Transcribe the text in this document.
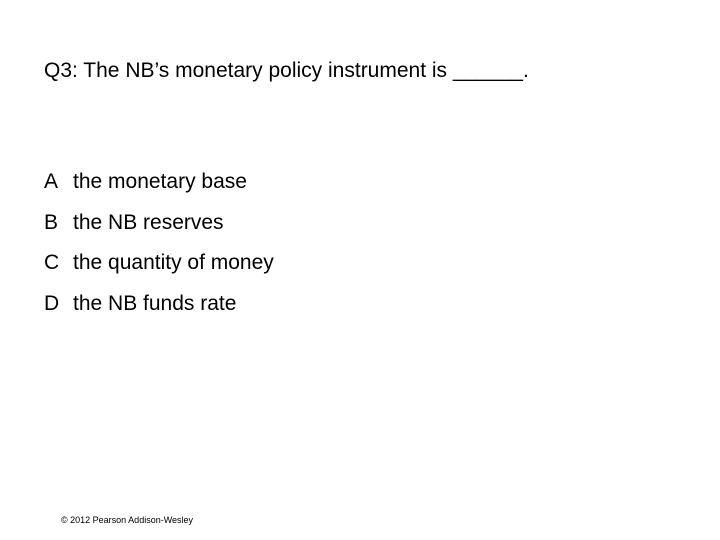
Q3: The NB’s monetary policy instrument is ______.
A the monetary base
B the NB reserves
C the quantity of money
D the NB funds rate
© 2012 Pearson Addison-Wesley
